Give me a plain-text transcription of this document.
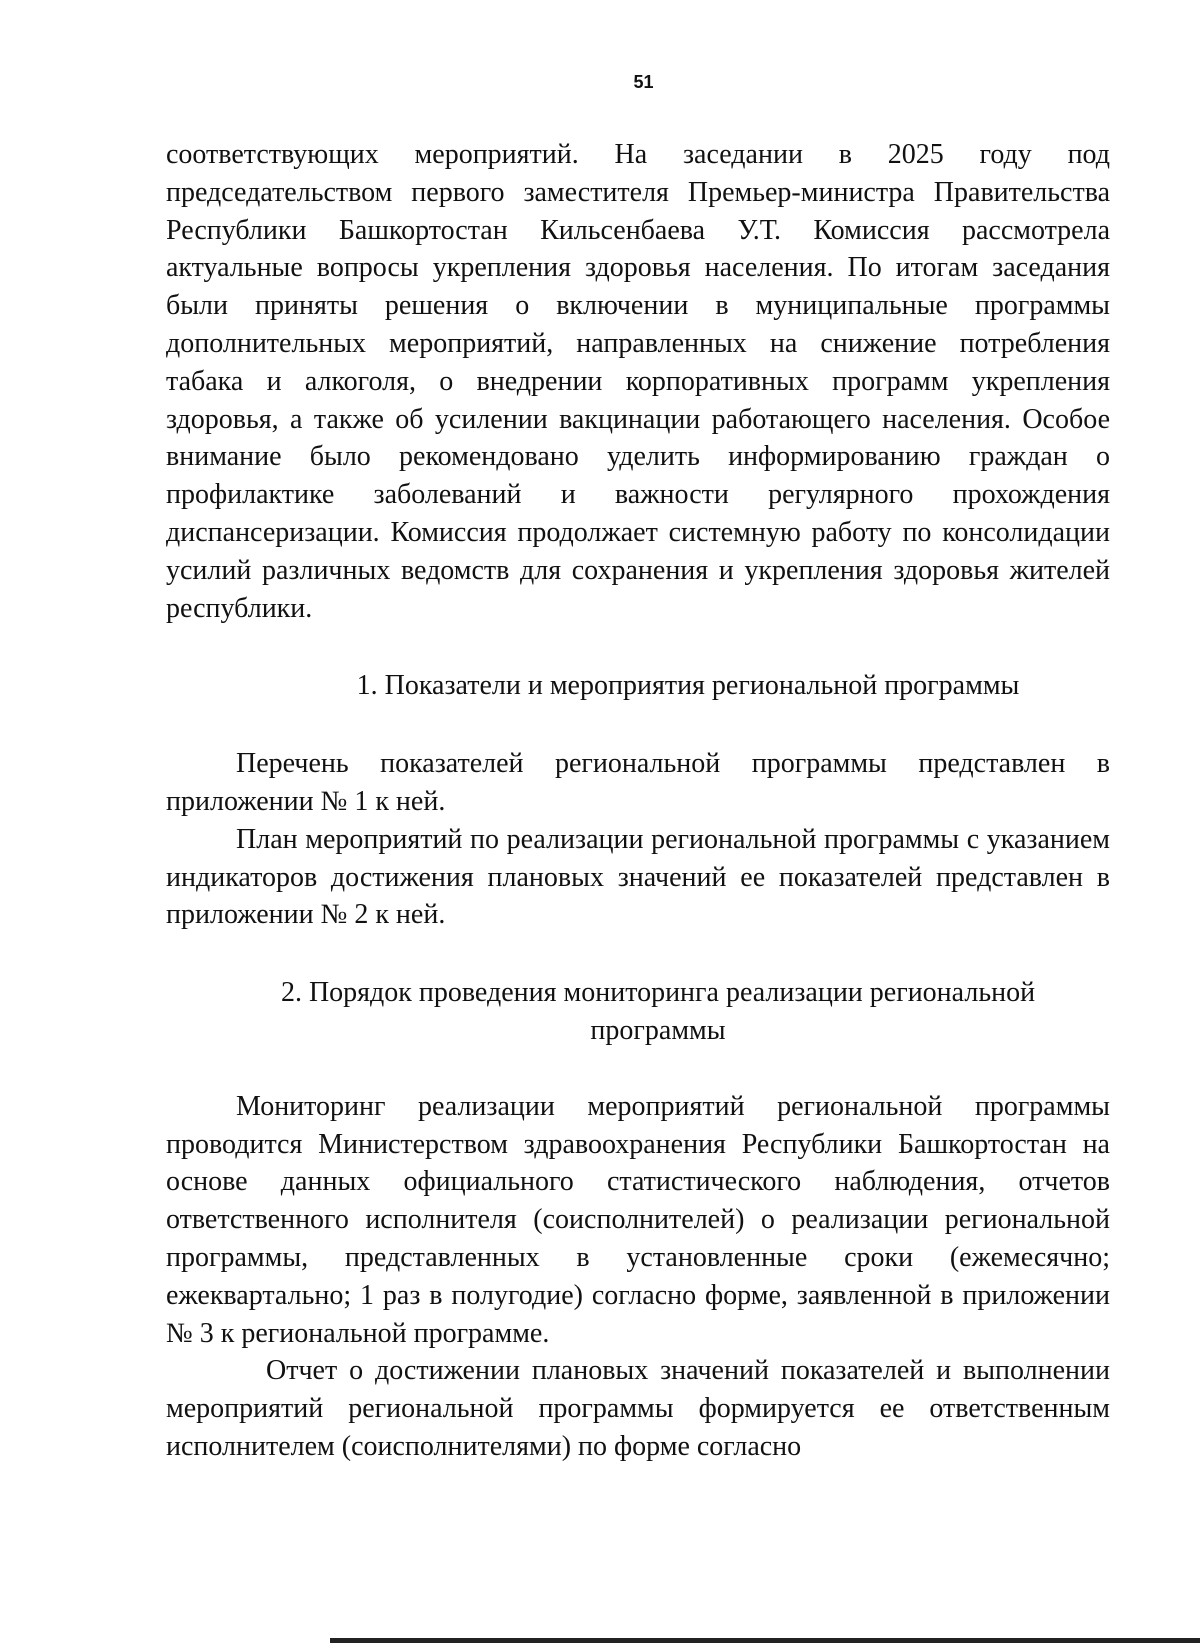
51

соответствующих мероприятий. На заседании в 2025 году под председательством первого заместителя Премьер-министра Правительства Республики Башкортостан Кильсенбаева У.Т. Комиссия рассмотрела актуальные вопросы укрепления здоровья населения. По итогам заседания были приняты решения о включении в муниципальные программы дополнительных мероприятий, направленных на снижение потребления табака и алкоголя, о внедрении корпоративных программ укрепления здоровья, а также об усилении вакцинации работающего населения. Особое внимание было рекомендовано уделить информированию граждан о профилактике заболеваний и важности регулярного прохождения диспансеризации. Комиссия продолжает системную работу по консолидации усилий различных ведомств для сохранения и укрепления здоровья жителей республики.

1. Показатели и мероприятия региональной программы

Перечень показателей региональной программы представлен в приложении № 1 к ней.

План мероприятий по реализации региональной программы с указанием индикаторов достижения плановых значений ее показателей представлен в приложении № 2 к ней.

2. Порядок проведения мониторинга реализации региональной
программы

Мониторинг реализации мероприятий региональной программы проводится Министерством здравоохранения Республики Башкортостан на основе данных официального статистического наблюдения, отчетов ответственного исполнителя (соисполнителей) о реализации региональной программы, представленных в установленные сроки (ежемесячно; ежеквартально; 1 раз в полугодие) согласно форме, заявленной в приложении № 3 к региональной программе.

Отчет о достижении плановых значений показателей и выполнении мероприятий региональной программы формируется ее ответственным исполнителем (соисполнителями) по форме согласно
